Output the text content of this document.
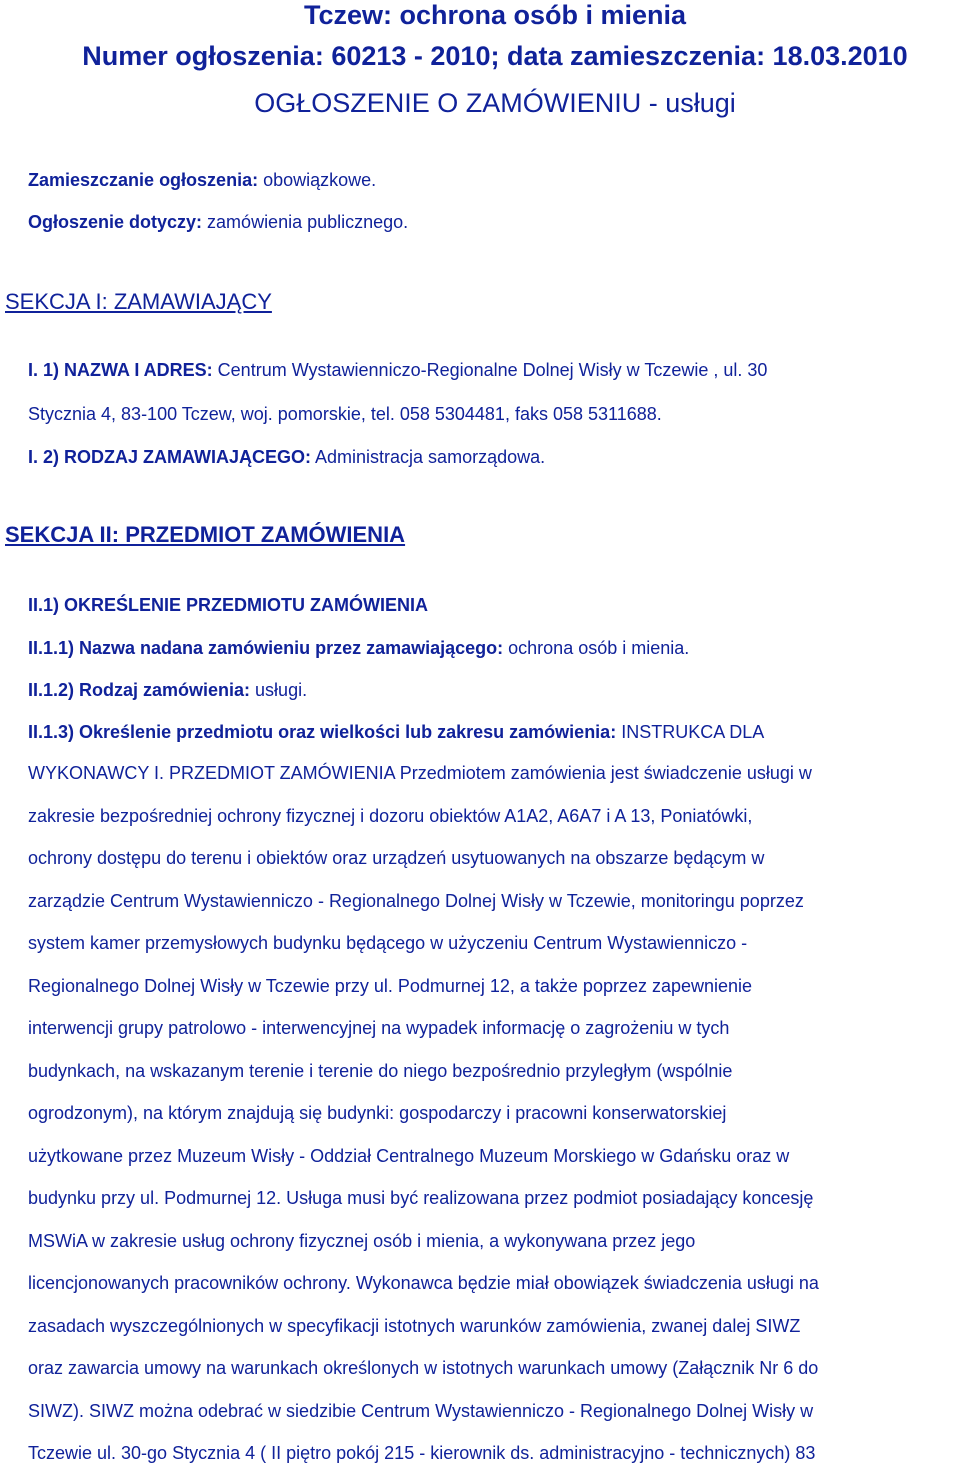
Tczew: ochrona osób i mienia
Numer ogłoszenia: 60213 - 2010; data zamieszczenia: 18.03.2010
OGŁOSZENIE O ZAMÓWIENIU - usługi
Zamieszczanie ogłoszenia: obowiązkowe.
Ogłoszenie dotyczy: zamówienia publicznego.
SEKCJA I: ZAMAWIAJĄCY
I. 1) NAZWA I ADRES: Centrum Wystawienniczo-Regionalne Dolnej Wisły w Tczewie , ul. 30
Stycznia 4, 83-100 Tczew, woj. pomorskie, tel. 058 5304481, faks 058 5311688.
I. 2) RODZAJ ZAMAWIAJĄCEGO: Administracja samorządowa.
SEKCJA II: PRZEDMIOT ZAMÓWIENIA
II.1) OKREŚLENIE PRZEDMIOTU ZAMÓWIENIA
II.1.1) Nazwa nadana zamówieniu przez zamawiającego: ochrona osób i mienia.
II.1.2) Rodzaj zamówienia: usługi.
II.1.3) Określenie przedmiotu oraz wielkości lub zakresu zamówienia: INSTRUKCA DLA
WYKONAWCY I. PRZEDMIOT ZAMÓWIENIA Przedmiotem zamówienia jest świadczenie usługi w
zakresie bezpośredniej ochrony fizycznej i dozoru obiektów A1A2, A6A7 i A 13, Poniatówki,
ochrony dostępu do terenu i obiektów oraz urządzeń usytuowanych na obszarze będącym w
zarządzie Centrum Wystawienniczo - Regionalnego Dolnej Wisły w Tczewie, monitoringu poprzez
system kamer przemysłowych budynku będącego w użyczeniu Centrum Wystawienniczo -
Regionalnego Dolnej Wisły w Tczewie przy ul. Podmurnej 12, a także poprzez zapewnienie
interwencji grupy patrolowo - interwencyjnej na wypadek informację o zagrożeniu w tych
budynkach, na wskazanym terenie i terenie do niego bezpośrednio przyległym (wspólnie
ogrodzonym), na którym znajdują się budynki: gospodarczy i pracowni konserwatorskiej
użytkowane przez Muzeum Wisły - Oddział Centralnego Muzeum Morskiego w Gdańsku oraz w
budynku przy ul. Podmurnej 12. Usługa musi być realizowana przez podmiot posiadający koncesję
MSWiA w zakresie usług ochrony fizycznej osób i mienia, a wykonywana przez jego
licencjonowanych pracowników ochrony. Wykonawca będzie miał obowiązek świadczenia usługi na
zasadach wyszczególnionych w specyfikacji istotnych warunków zamówienia, zwanej dalej SIWZ
oraz zawarcia umowy na warunkach określonych w istotnych warunkach umowy (Załącznik Nr 6 do
SIWZ). SIWZ można odebrać w siedzibie Centrum Wystawienniczo - Regionalnego Dolnej Wisły w
Tczewie ul. 30-go Stycznia 4 ( II piętro pokój 215 - kierownik ds. administracyjno - technicznych) 83
